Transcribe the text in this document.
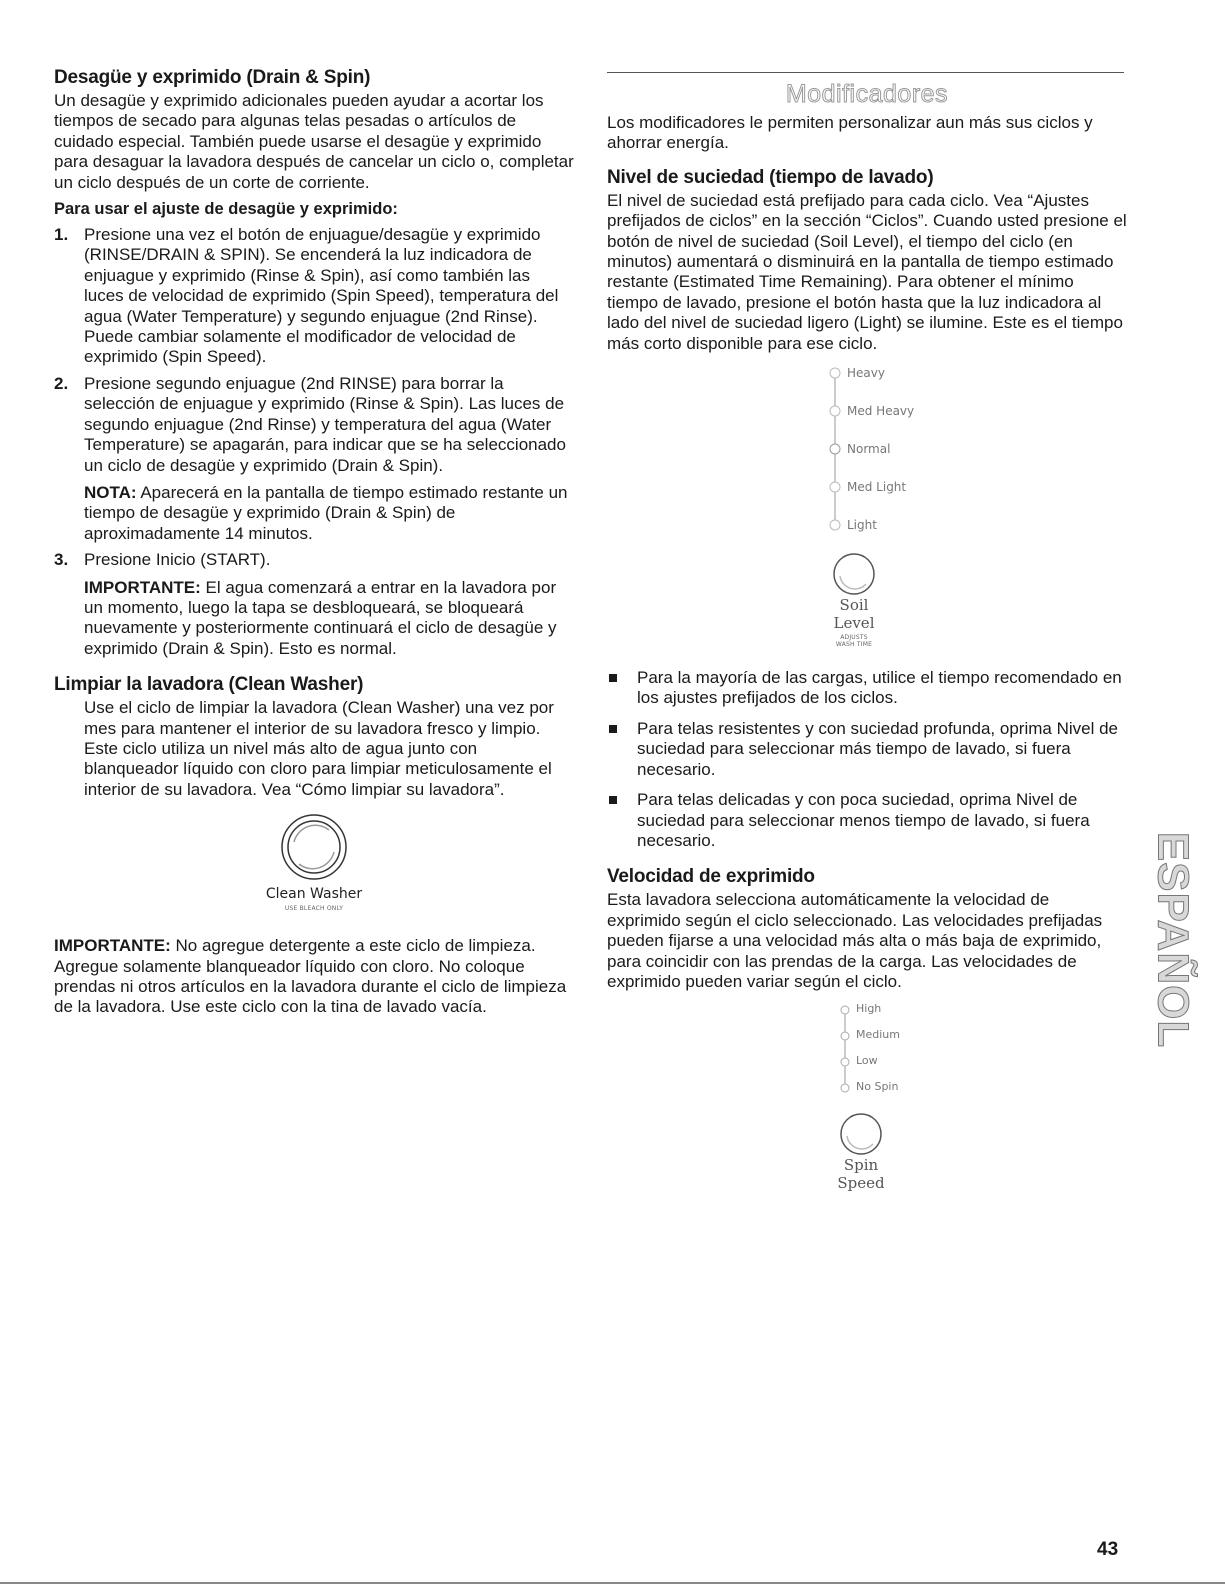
Desagüe y exprimido (Drain & Spin)

Un desagüe y exprimido adicionales pueden ayudar a acortar los tiempos de secado para algunas telas pesadas o artículos de cuidado especial. También puede usarse el desagüe y exprimido para desaguar la lavadora después de cancelar un ciclo o, completar un ciclo después de un corte de corriente.

Para usar el ajuste de desagüe y exprimido:
1. Presione una vez el botón de enjuague/desagüe y exprimido (RINSE/DRAIN & SPIN). Se encenderá la luz indicadora de enjuague y exprimido (Rinse & Spin), así como también las luces de velocidad de exprimido (Spin Speed), temperatura del agua (Water Temperature) y segundo enjuague (2nd Rinse). Puede cambiar solamente el modificador de velocidad de exprimido (Spin Speed).
2. Presione segundo enjuague (2nd RINSE) para borrar la selección de enjuague y exprimido (Rinse & Spin). Las luces de segundo enjuague (2nd Rinse) y temperatura del agua (Water Temperature) se apagarán, para indicar que se ha seleccionado un ciclo de desagüe y exprimido (Drain & Spin).

NOTA: Aparecerá en la pantalla de tiempo estimado restante un tiempo de desagüe y exprimido (Drain & Spin) de aproximadamente 14 minutos.

3. Presione Inicio (START).

IMPORTANTE: El agua comenzará a entrar en la lavadora por un momento, luego la tapa se desbloqueará, se bloqueará nuevamente y posteriormente continuará el ciclo de desagüe y exprimido (Drain & Spin). Esto es normal.

Limpiar la lavadora (Clean Washer)

Use el ciclo de limpiar la lavadora (Clean Washer) una vez por mes para mantener el interior de su lavadora fresco y limpio. Este ciclo utiliza un nivel más alto de agua junto con blanqueador líquido con cloro para limpiar meticulosamente el interior de su lavadora. Vea “Cómo limpiar su lavadora”.

Clean Washer
USE BLEACH ONLY

IMPORTANTE: No agregue detergente a este ciclo de limpieza. Agregue solamente blanqueador líquido con cloro. No coloque prendas ni otros artículos en la lavadora durante el ciclo de limpieza de la lavadora. Use este ciclo con la tina de lavado vacía.

Modificadores

Los modificadores le permiten personalizar aun más sus ciclos y ahorrar energía.

Nivel de suciedad (tiempo de lavado)

El nivel de suciedad está prefijado para cada ciclo. Vea “Ajustes prefijados de ciclos” en la sección “Ciclos”. Cuando usted presione el botón de nivel de suciedad (Soil Level), el tiempo del ciclo (en minutos) aumentará o disminuirá en la pantalla de tiempo estimado restante (Estimated Time Remaining). Para obtener el mínimo tiempo de lavado, presione el botón hasta que la luz indicadora al lado del nivel de suciedad ligero (Light) se ilumine. Este es el tiempo más corto disponible para ese ciclo.

Heavy
Med Heavy
Normal
Med Light
Light
Soil
Level
ADJUSTS
WASH TIME
Para la mayoría de las cargas, utilice el tiempo recomendado en los ajustes prefijados de los ciclos.
Para telas resistentes y con suciedad profunda, oprima Nivel de suciedad para seleccionar más tiempo de lavado, si fuera necesario.
Para telas delicadas y con poca suciedad, oprima Nivel de suciedad para seleccionar menos tiempo de lavado, si fuera necesario.
Velocidad de exprimido

Esta lavadora selecciona automáticamente la velocidad de exprimido según el ciclo seleccionado. Las velocidades prefijadas pueden fijarse a una velocidad más alta o más baja de exprimido, para coincidir con las prendas de la carga. Las velocidades de exprimido pueden variar según el ciclo.

High
Medium
Low
No Spin
Spin
Speed
ESPAÑOL
43
